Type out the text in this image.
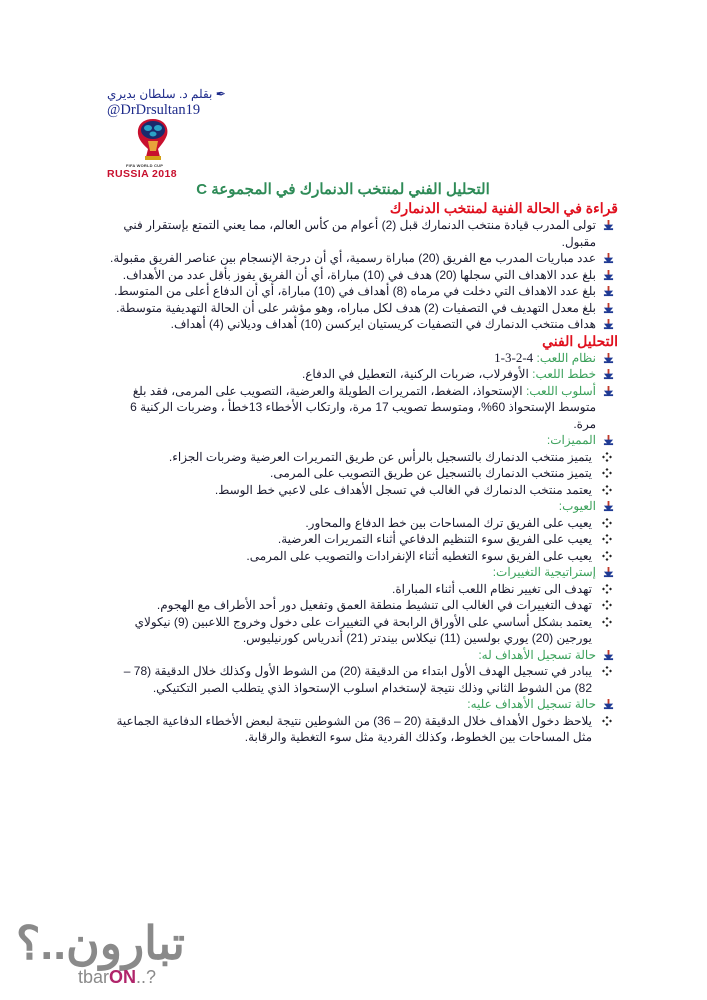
✒ بقلم د. سلطان بديري
@DrDrsultan19
FIFA WORLD CUP
RUSSIA 2018
التحليل الفني لمنتخب الدنمارك في المجموعة C
قراءة في الحالة الفنية لمنتخب الدنمارك
تولى المدرب قيادة منتخب الدنمارك قبل (2) أعوام من كأس العالم، مما يعني التمتع بإستقرار فني مقبول.
عدد مباريات المدرب مع الفريق (20) مباراة رسمية، أي أن درجة الإنسجام بين عناصر الفريق مقبولة.
بلغ عدد الاهداف التي سجلها (20) هدف في (10) مباراة، أي أن الفريق يفوز بأقل عدد من الأهداف.
بلغ عدد الاهداف التي دخلت في مرماه (8) أهداف في (10) مباراة، أي أن الدفاع أعلى من المتوسط.
بلغ معدل التهديف في التصفيات (2) هدف لكل مباراه، وهو مؤشر على أن الحالة التهديفية متوسطة.
هداف منتخب الدنمارك في التصفيات كريستيان ايركسن (10) أهداف وديلاني (4) أهداف.
التحليل الفني
نظام اللعب: 4-2-3-1
خطط اللعب: الأوفرلاب، ضربات الركنية، التعطيل في الدفاع.
أسلوب اللعب: الإستحواذ، الضغط، التمريرات الطويلة والعرضية، التصويب على المرمى، فقد بلغ متوسط الإستحواذ 60%، ومتوسط تصويب 17 مرة، وارتكاب الأخطاء 13خطأ ، وضربات الركنية 6 مرة.
المميزات:
يتميز منتخب الدنمارك بالتسجيل بالرأس عن طريق التمريرات العرضية وضربات الجزاء.
يتميز منتخب الدنمارك بالتسجيل عن طريق التصويب على المرمى.
يعتمد منتخب الدنمارك في الغالب في تسجل الأهداف على لاعبي خط الوسط.
العيوب:
يعيب على الفريق ترك المساحات بين خط الدفاع والمحاور.
يعيب على الفريق سوء التنظيم الدفاعي أثناء التمريرات العرضية.
يعيب على الفريق سوء التغطيه أثناء الإنفرادات والتصويب على المرمى.
إستراتيجية التغييرات:
تهدف الى تغيير نظام اللعب أثناء المباراة.
تهدف التغييرات في الغالب الى تنشيط منطقة العمق وتفعيل دور أحد الأطراف مع الهجوم.
يعتمد بشكل أساسي على الأوراق الرابحة في التغييرات على دخول وخروج اللاعبين (9) نيكولاي يورجين (20) يوري بولسين (11) نيكلاس بيندتر (21) أندرياس كورنيليوس.
حالة تسجيل الأهداف له:
يبادر في تسجيل الهدف الأول ابتداء من الدقيقة (20) من الشوط الأول وكذلك خلال الدقيقة (78 – 82) من الشوط الثاني وذلك نتيجة لإستخدام اسلوب الإستحواذ الذي يتطلب الصبر التكتيكي.
حالة تسجيل الأهداف عليه:
يلاحظ دخول الأهداف خلال الدقيقة (20 – 36) من الشوطين نتيجة لبعض الأخطاء الدفاعية الجماعية مثل المساحات بين الخطوط، وكذلك الفردية مثل سوء التغطية والرقابة.
تبارون..؟
tbarON..?
